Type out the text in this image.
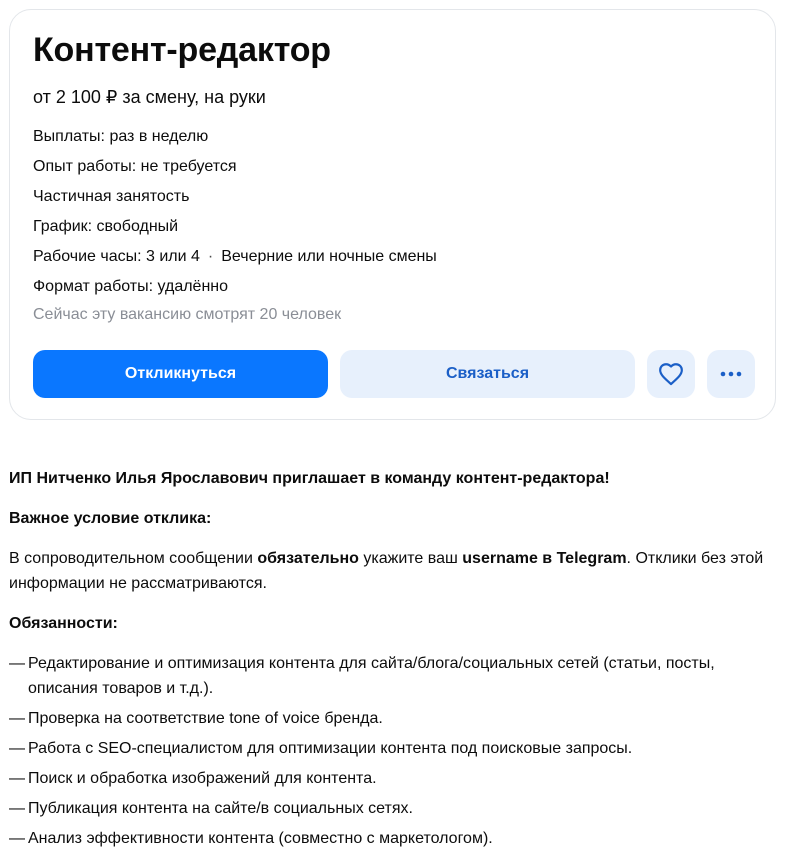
Контент-редактор
от 2 100 ₽ за смену, на руки
Выплаты: раз в неделю
Опыт работы: не требуется
Частичная занятость
График: свободный
Рабочие часы: 3 или 4 · Вечерние или ночные смены
Формат работы: удалённо
Сейчас эту вакансию смотрят 20 человек
Откликнуться	Связаться

ИП Нитченко Илья Ярославович приглашает в команду контент-редактора!

Важное условие отклика:

В сопроводительном сообщении обязательно укажите ваш username в Telegram. Отклики без этой информации не рассматриваются.

Обязанности:

— Редактирование и оптимизация контента для сайта/блога/социальных сетей (статьи, посты, описания товаров и т.д.).
— Проверка на соответствие tone of voice бренда.
— Работа с SEO-специалистом для оптимизации контента под поисковые запросы.
— Поиск и обработка изображений для контента.
— Публикация контента на сайте/в социальных сетях.
— Анализ эффективности контента (совместно с маркетологом).
